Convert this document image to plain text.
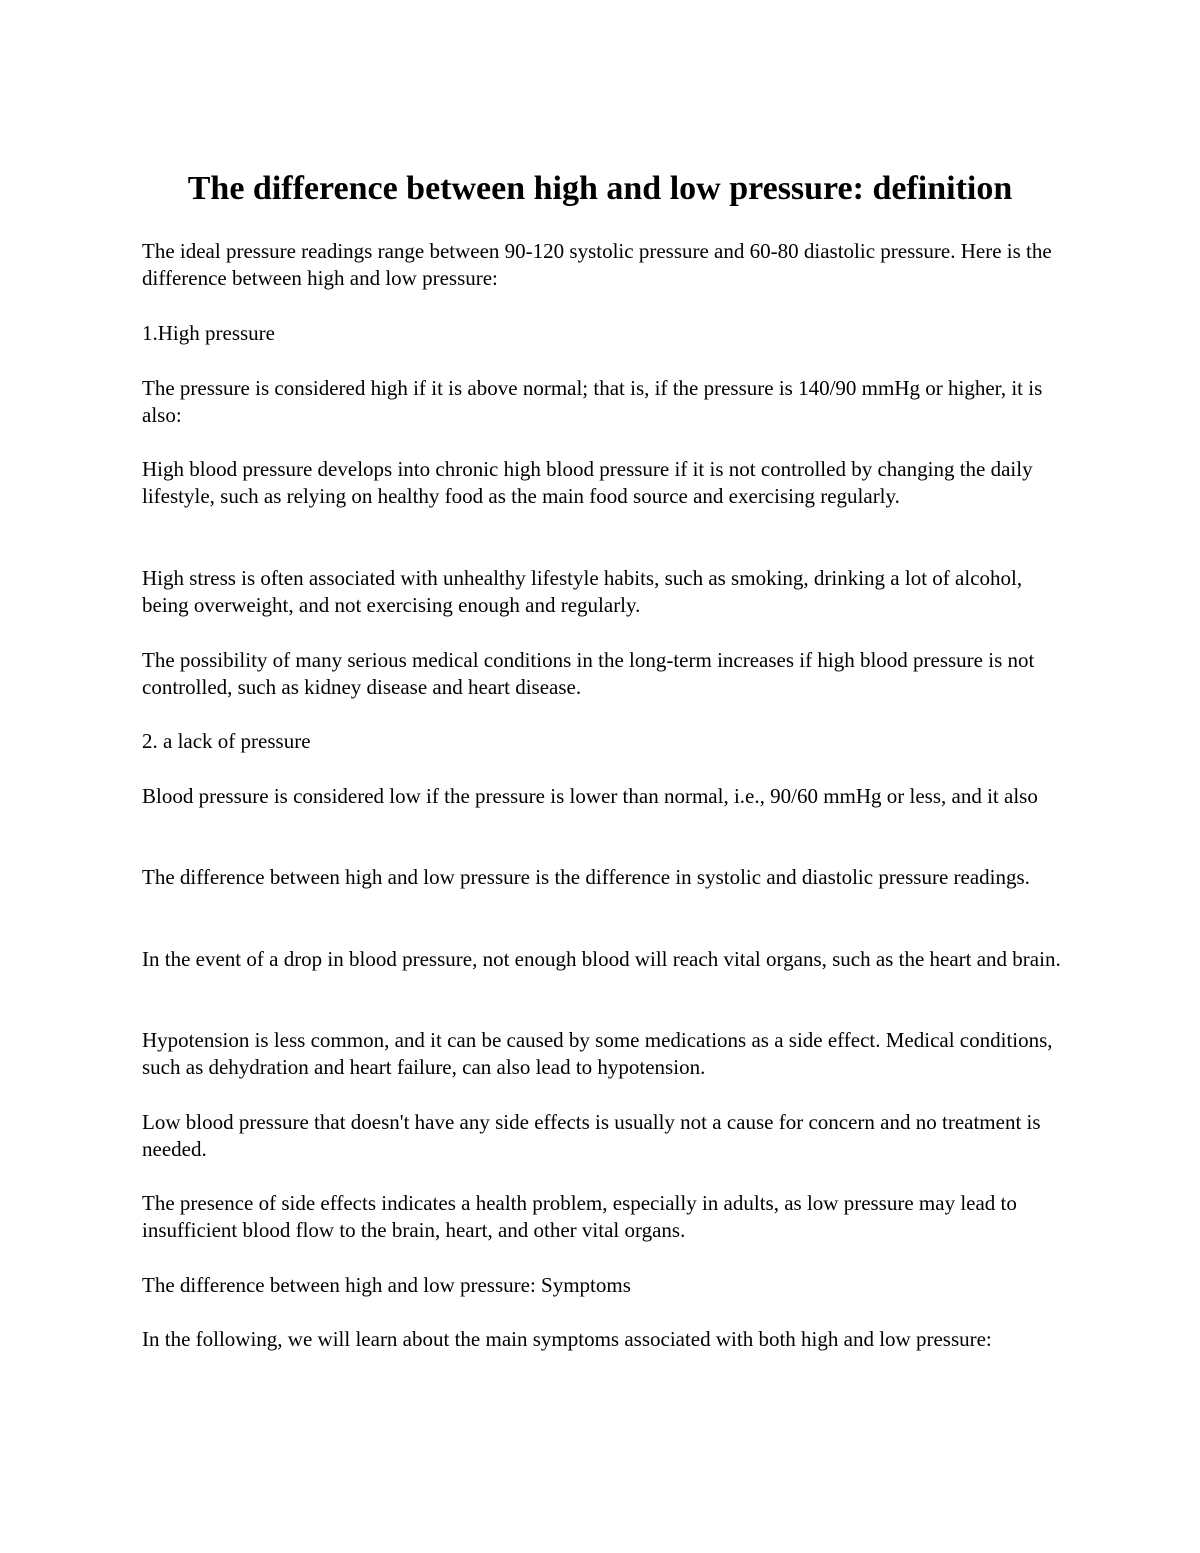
The difference between high and low pressure: definition

The ideal pressure readings range between 90-120 systolic pressure and 60-80 diastolic pressure. Here is the difference between high and low pressure:

1.High pressure

The pressure is considered high if it is above normal; that is, if the pressure is 140/90 mmHg or higher, it is also:

High blood pressure develops into chronic high blood pressure if it is not controlled by changing the daily lifestyle, such as relying on healthy food as the main food source and exercising regularly.

High stress is often associated with unhealthy lifestyle habits, such as smoking, drinking a lot of alcohol, being overweight, and not exercising enough and regularly.

The possibility of many serious medical conditions in the long-term increases if high blood pressure is not controlled, such as kidney disease and heart disease.

2. a lack of pressure

Blood pressure is considered low if the pressure is lower than normal, i.e., 90/60 mmHg or less, and it also

The difference between high and low pressure is the difference in systolic and diastolic pressure readings.

In the event of a drop in blood pressure, not enough blood will reach vital organs, such as the heart and brain.

Hypotension is less common, and it can be caused by some medications as a side effect. Medical conditions, such as dehydration and heart failure, can also lead to hypotension.

Low blood pressure that doesn't have any side effects is usually not a cause for concern and no treatment is needed.

The presence of side effects indicates a health problem, especially in adults, as low pressure may lead to insufficient blood flow to the brain, heart, and other vital organs.

The difference between high and low pressure: Symptoms

In the following, we will learn about the main symptoms associated with both high and low pressure:
